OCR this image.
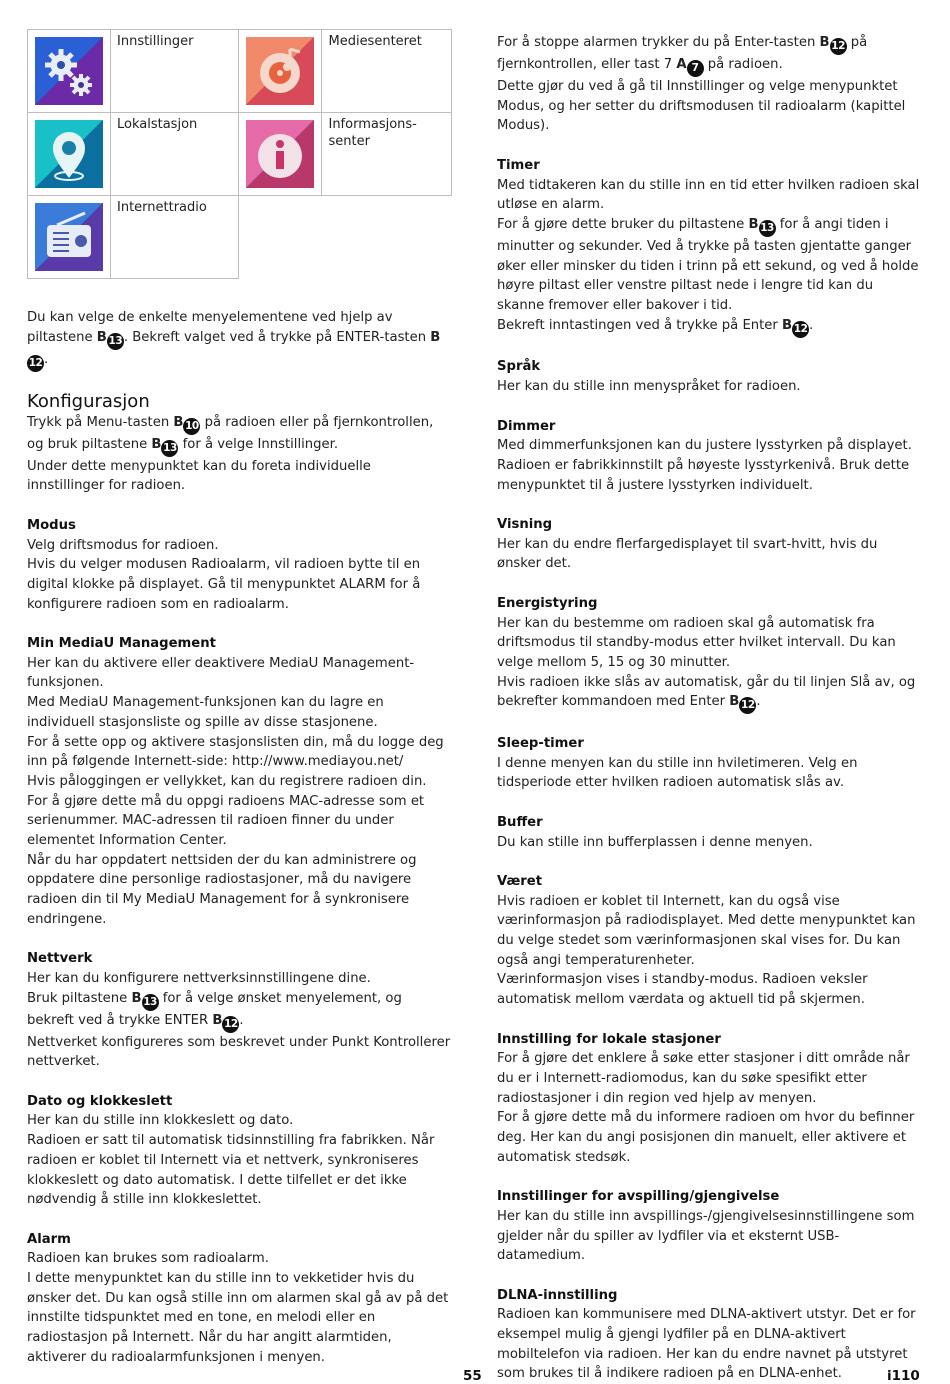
	Innstillinger		Mediesenteret

	Lokalstasjon		Informasjons-
senter

	Internettradio		

Du kan velge de enkelte menyelementene ved hjelp av piltastene B 13 . Bekreft valget ved å trykke på ENTER-tasten B12 .

Konfigurasjon

Trykk på Menu-tasten B 10 på radioen eller på fjernkontrollen, og bruk piltastene B 13 for å velge Innstillinger.

Under dette menypunktet kan du foreta individuelle innstillinger for radioen.

Modus

Velg driftsmodus for radioen.

Hvis du velger modusen Radioalarm, vil radioen bytte til en digital klokke på displayet. Gå til menypunktet ALARM for å konfigurere radioen som en radioalarm.

Min MediaU Management

Her kan du aktivere eller deaktivere MediaU Management-funksjonen.

Med MediaU Management-funksjonen kan du lagre en individuell stasjonsliste og spille av disse stasjonene.

For å sette opp og aktivere stasjonslisten din, må du logge deg inn på følgende Internett-side: http://www.mediayou.net/

Hvis påloggingen er vellykket, kan du registrere radioen din.

For å gjøre dette må du oppgi radioens MAC-adresse som et serienummer. MAC-adressen til radioen finner du under elementet Information Center.

Når du har oppdatert nettsiden der du kan administrere og oppdatere dine personlige radiostasjoner, må du navigere radioen din til My MediaU Management for å synkronisere endringene.

Nettverk

Her kan du konfigurere nettverksinnstillingene dine.

Bruk piltastene B 13 for å velge ønsket menyelement, og bekreft ved å trykke ENTER B 12 .

Nettverket konfigureres som beskrevet under Punkt Kontrollerer nettverket.

Dato og klokkeslett

Her kan du stille inn klokkeslett og dato.

Radioen er satt til automatisk tidsinnstilling fra fabrikken. Når radioen er koblet til Internett via et nettverk, synkroniseres klokkeslett og dato automatisk. I dette tilfellet er det ikke nødvendig å stille inn klokkeslettet.

Alarm

Radioen kan brukes som radioalarm.

I dette menypunktet kan du stille inn to vekketider hvis du ønsker det. Du kan også stille inn om alarmen skal gå av på det innstilte tidspunktet med en tone, en melodi eller en radiostasjon på Internett. Når du har angitt alarmtiden, aktiverer du radioalarmfunksjonen i menyen.

For å stoppe alarmen trykker du på Enter-tasten B 12 på fjernkontrollen, eller tast 7 A 7 på radioen.

Dette gjør du ved å gå til Innstillinger og velge menypunktet Modus, og her setter du driftsmodusen til radioalarm (kapittel Modus).

Timer

Med tidtakeren kan du stille inn en tid etter hvilken radioen skal utløse en alarm.

For å gjøre dette bruker du piltastene B 13 for å angi tiden i minutter og sekunder. Ved å trykke på tasten gjentatte ganger øker eller minsker du tiden i trinn på ett sekund, og ved å holde høyre piltast eller venstre piltast nede i lengre tid kan du skanne fremover eller bakover i tid.

Bekreft inntastingen ved å trykke på Enter B 12 .

Språk

Her kan du stille inn menyspråket for radioen.

Dimmer

Med dimmerfunksjonen kan du justere lysstyrken på displayet. Radioen er fabrikkinnstilt på høyeste lysstyrkenivå. Bruk dette menypunktet til å justere lysstyrken individuelt.

Visning

Her kan du endre flerfargedisplayet til svart-hvitt, hvis du ønsker det.

Energistyring

Her kan du bestemme om radioen skal gå automatisk fra driftsmodus til standby-modus etter hvilket intervall. Du kan velge mellom 5, 15 og 30 minutter.

Hvis radioen ikke slås av automatisk, går du til linjen Slå av, og bekrefter kommandoen med Enter B 12 .

Sleep-timer

I denne menyen kan du stille inn hviletimeren. Velg en tidsperiode etter hvilken radioen automatisk slås av.

Buffer

Du kan stille inn bufferplassen i denne menyen.

Været

Hvis radioen er koblet til Internett, kan du også vise værinformasjon på radiodisplayet. Med dette menypunktet kan du velge stedet som værinformasjonen skal vises for. Du kan også angi temperaturenheter.

Værinformasjon vises i standby-modus. Radioen veksler automatisk mellom værdata og aktuell tid på skjermen.

Innstilling for lokale stasjoner

For å gjøre det enklere å søke etter stasjoner i ditt område når du er i Internett-radiomodus, kan du søke spesifikt etter radiostasjoner i din region ved hjelp av menyen.

For å gjøre dette må du informere radioen om hvor du befinner deg. Her kan du angi posisjonen din manuelt, eller aktivere et automatisk stedsøk.

Innstillinger for avspilling/gjengivelse

Her kan du stille inn avspillings-/gjengivelsesinnstillingene som gjelder når du spiller av lydfiler via et eksternt USB-datamedium.

DLNA-innstilling

Radioen kan kommunisere med DLNA-aktivert utstyr. Det er for eksempel mulig å gjengi lydfiler på en DLNA-aktivert mobiltelefon via radioen. Her kan du endre navnet på utstyret som brukes til å indikere radioen på en DLNA-enhet.

55	i110
